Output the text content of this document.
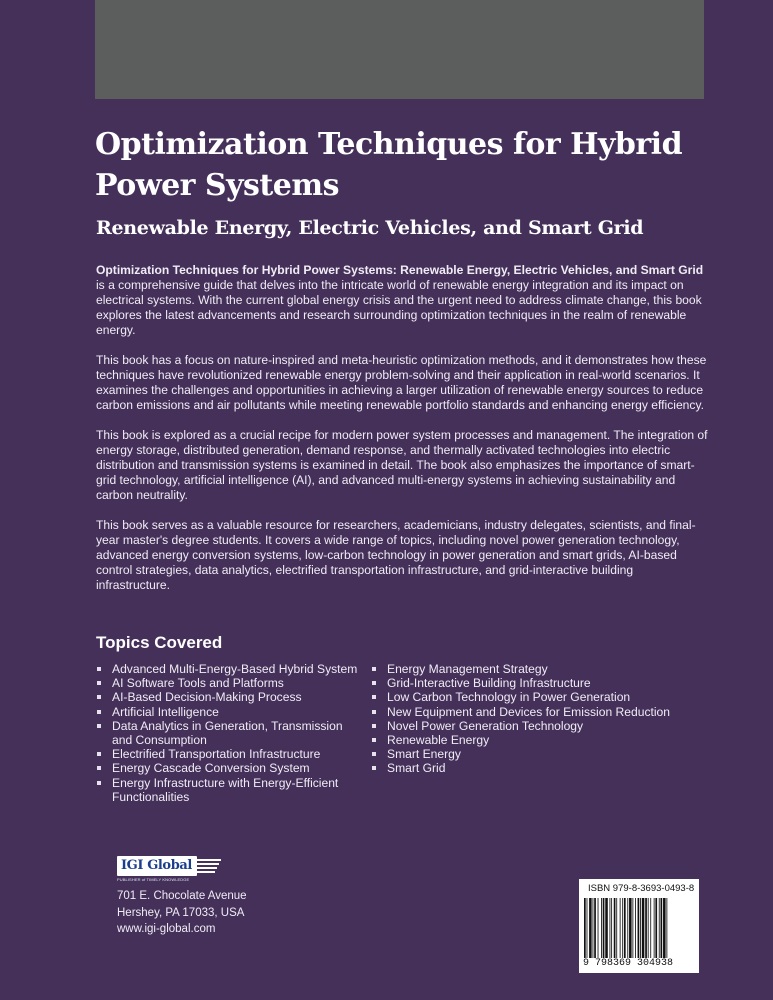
Optimization Techniques for Hybrid Power Systems
Renewable Energy, Electric Vehicles, and Smart Grid

Optimization Techniques for Hybrid Power Systems: Renewable Energy, Electric Vehicles, and Smart Grid is a comprehensive guide that delves into the intricate world of renewable energy integration and its impact on electrical systems. With the current global energy crisis and the urgent need to address climate change, this book explores the latest advancements and research surrounding optimization techniques in the realm of renewable energy.

This book has a focus on nature-inspired and meta-heuristic optimization methods, and it demonstrates how these techniques have revolutionized renewable energy problem-solving and their application in real-world scenarios. It examines the challenges and opportunities in achieving a larger utilization of renewable energy sources to reduce carbon emissions and air pollutants while meeting renewable portfolio standards and enhancing energy efficiency.

This book is explored as a crucial recipe for modern power system processes and management. The integration of energy storage, distributed generation, demand response, and thermally activated technologies into electric distribution and transmission systems is examined in detail. The book also emphasizes the importance of smart-grid technology, artificial intelligence (AI), and advanced multi-energy systems in achieving sustainability and carbon neutrality.

This book serves as a valuable resource for researchers, academicians, industry delegates, scientists, and final-year master's degree students. It covers a wide range of topics, including novel power generation technology, advanced energy conversion systems, low-carbon technology in power generation and smart grids, AI-based control strategies, data analytics, electrified transportation infrastructure, and grid-interactive building infrastructure.

Topics Covered
Advanced Multi-Energy-Based Hybrid System
AI Software Tools and Platforms
AI-Based Decision-Making Process
Artificial Intelligence
Data Analytics in Generation, Transmission and Consumption
Electrified Transportation Infrastructure
Energy Cascade Conversion System
Energy Infrastructure with Energy-Efficient Functionalities
Energy Management Strategy
Grid-Interactive Building Infrastructure
Low Carbon Technology in Power Generation
New Equipment and Devices for Emission Reduction
Novel Power Generation Technology
Renewable Energy
Smart Energy
Smart Grid
IGI Global
PUBLISHER of TIMELY KNOWLEDGE
701 E. Chocolate Avenue
Hershey, PA 17033, USA
www.igi-global.com
ISBN 979-8-3693-0493-8
9 798369 304938
